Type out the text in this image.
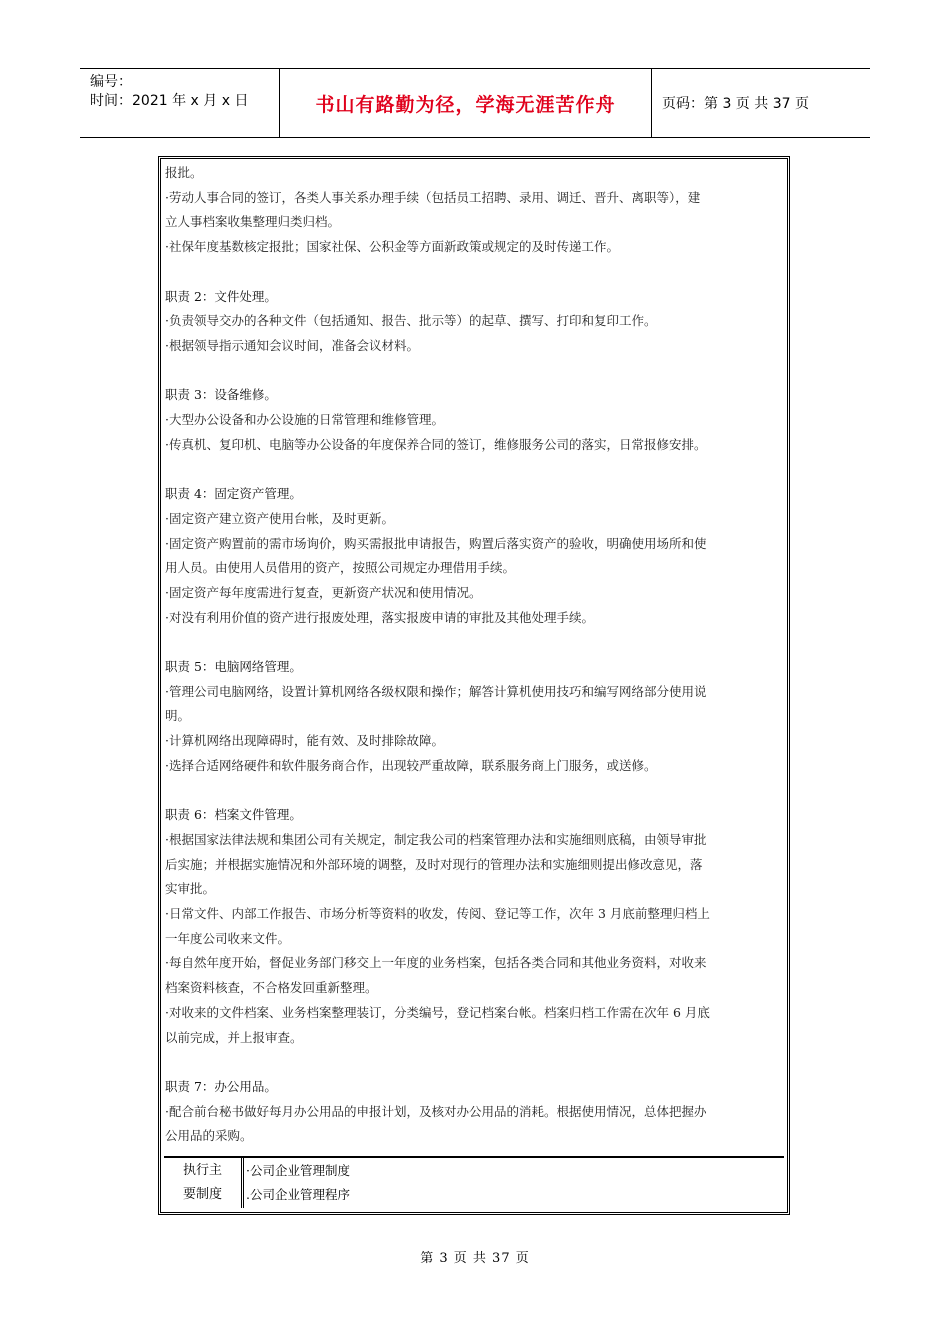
编号：
时间：2021 年 x 月 x 日	书山有路勤为径，学海无涯苦作舟	页码：第 3 页 共 37 页
报批。
·劳动人事合同的签订，各类人事关系办理手续（包括员工招聘、录用、调迁、晋升、离职等），建
立人事档案收集整理归类归档。
·社保年度基数核定报批；国家社保、公积金等方面新政策或规定的及时传递工作。
职责 2：文件处理。
·负责领导交办的各种文件（包括通知、报告、批示等）的起草、撰写、打印和复印工作。
·根据领导指示通知会议时间，准备会议材料。
职责 3：设备维修。
·大型办公设备和办公设施的日常管理和维修管理。
·传真机、复印机、电脑等办公设备的年度保养合同的签订，维修服务公司的落实，日常报修安排。
职责 4：固定资产管理。
·固定资产建立资产使用台帐，及时更新。
·固定资产购置前的需市场询价，购买需报批申请报告，购置后落实资产的验收，明确使用场所和使
用人员。由使用人员借用的资产，按照公司规定办理借用手续。
·固定资产每年度需进行复查，更新资产状况和使用情况。
·对没有利用价值的资产进行报废处理，落实报废申请的审批及其他处理手续。
职责 5：电脑网络管理。
·管理公司电脑网络，设置计算机网络各级权限和操作；解答计算机使用技巧和编写网络部分使用说
明。
·计算机网络出现障碍时，能有效、及时排除故障。
·选择合适网络硬件和软件服务商合作，出现较严重故障，联系服务商上门服务，或送修。
职责 6：档案文件管理。
·根据国家法律法规和集团公司有关规定，制定我公司的档案管理办法和实施细则底稿，由领导审批
后实施；并根据实施情况和外部环境的调整，及时对现行的管理办法和实施细则提出修改意见，落
实审批。
·日常文件、内部工作报告、市场分析等资料的收发，传阅、登记等工作，次年 3 月底前整理归档上
一年度公司收来文件。
·每自然年度开始，督促业务部门移交上一年度的业务档案，包括各类合同和其他业务资料，对收来
档案资料核查，不合格发回重新整理。
·对收来的文件档案、业务档案整理装订，分类编号，登记档案台帐。档案归档工作需在次年 6 月底
以前完成，并上报审查。
职责 7：办公用品。
·配合前台秘书做好每月办公用品的申报计划，及核对办公用品的消耗。根据使用情况，总体把握办
公用品的采购。
执行主
要制度
·公司企业管理制度
.公司企业管理程序
第 3 页 共 37 页
